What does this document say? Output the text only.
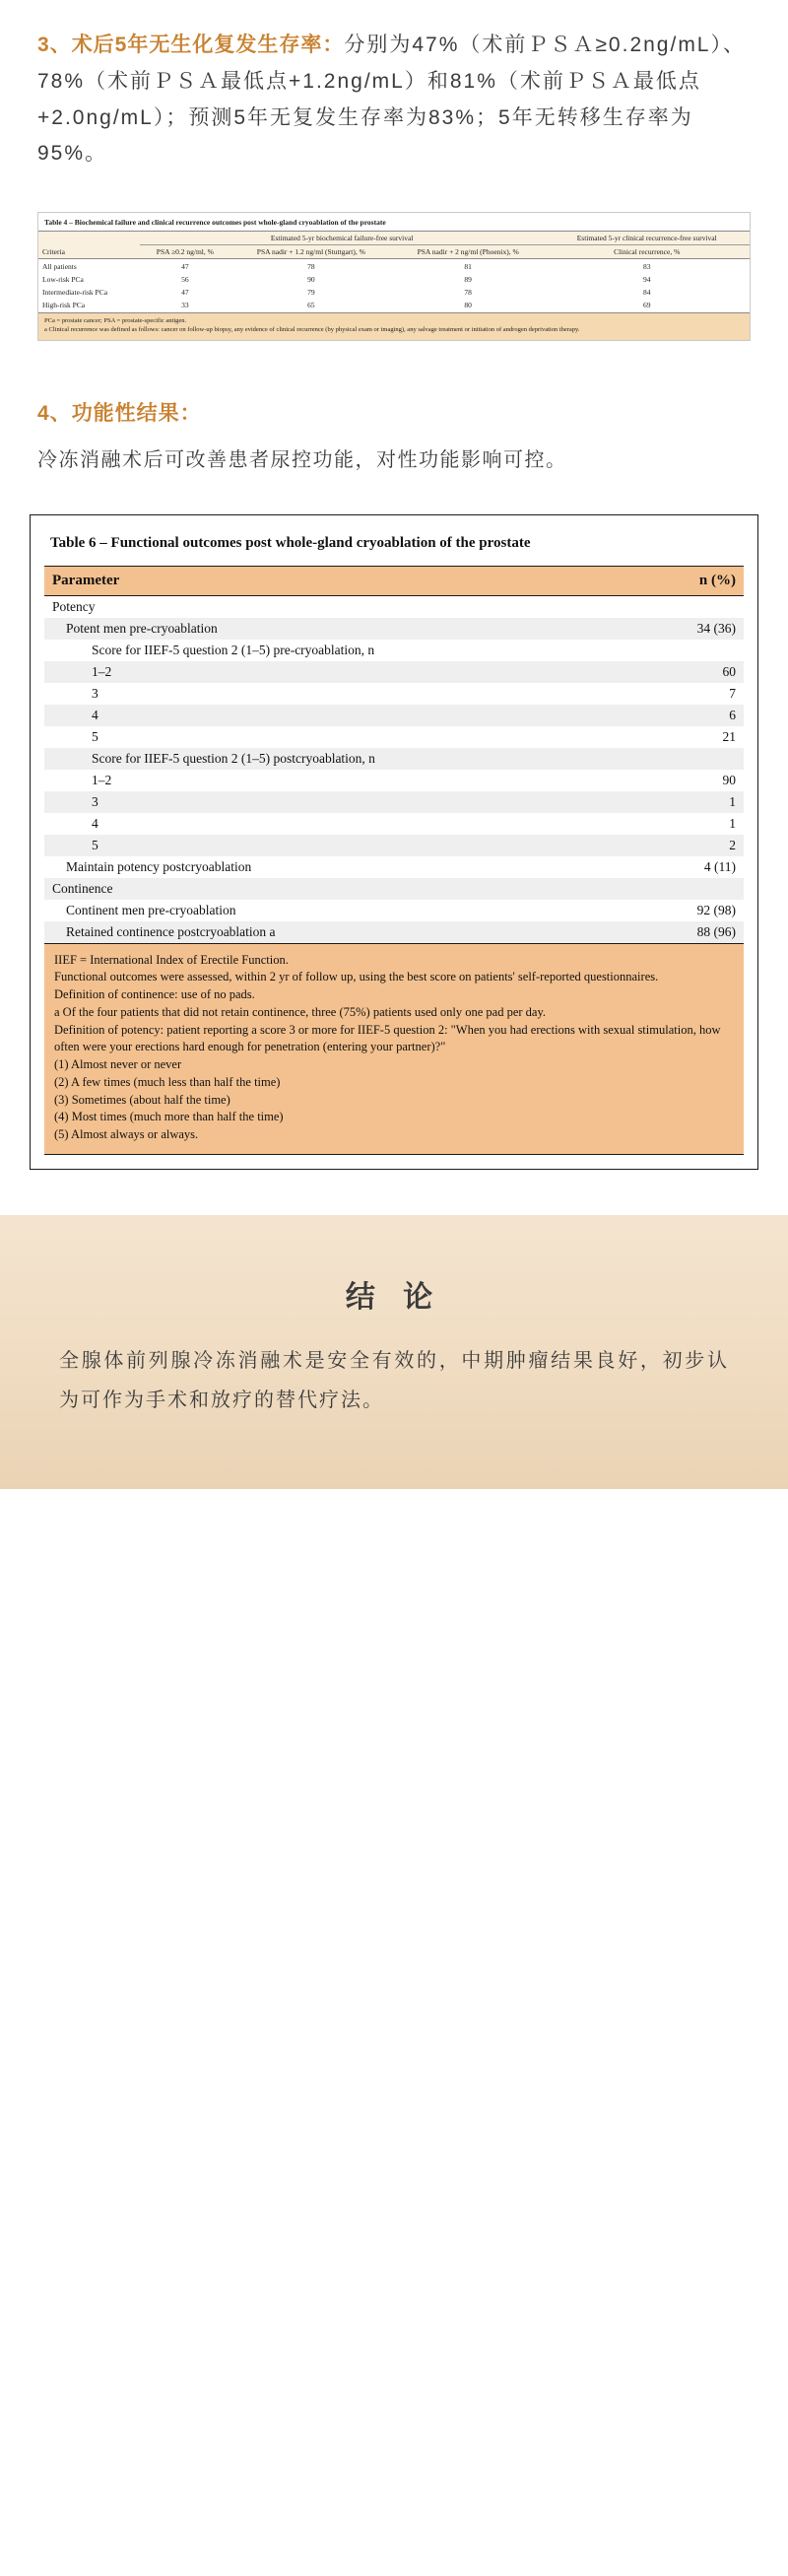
3、术后5年无生化复发生存率：分别为47%（术前ＰＳＡ≥0.2ng/mL）、78%（术前ＰＳＡ最低点+1.2ng/mL）和81%（术前ＰＳＡ最低点+2.0ng/mL）；预测5年无复发生存率为83%；5年无转移生存率为95%。
Table 4 – Biochemical failure and clinical recurrence outcomes post whole-gland cryoablation of the prostate
Criteria	Estimated 5-yr biochemical failure-free survival			Estimated 5-yr clinical recurrence-free survival
	PSA ≥0.2 ng/ml, %	PSA nadir + 1.2 ng/ml (Stuttgart), %	PSA nadir + 2 ng/ml (Phoenix), %	Clinical recurrence, %
All patients	47	78	81	83
Low-risk PCa	56	90	89	94
Intermediate-risk PCa	47	79	78	84
High-risk PCa	33	65	80	69
PCa = prostate cancer; PSA = prostate-specific antigen.
a Clinical recurrence was defined as follows: cancer on follow-up biopsy, any evidence of clinical recurrence (by physical exam or imaging), any salvage treatment or initiation of androgen deprivation therapy.
4、功能性结果：
冷冻消融术后可改善患者尿控功能，对性功能影响可控。
Table 6 – Functional outcomes post whole-gland cryoablation of the prostate
Parameter	n (%)
Potency	
Potent men pre-cryoablation	34 (36)
Score for IIEF-5 question 2 (1–5) pre-cryoablation, n	
1–2	60
3	7
4	6
5	21
Score for IIEF-5 question 2 (1–5) postcryoablation, n	
1–2	90
3	1
4	1
5	2
Maintain potency postcryoablation	4 (11)
Continence	
Continent men pre-cryoablation	92 (98)
Retained continence postcryoablation a	88 (96)
IIEF = International Index of Erectile Function.
Functional outcomes were assessed, within 2 yr of follow up, using the best score on patients' self-reported questionnaires.
Definition of continence: use of no pads.
a Of the four patients that did not retain continence, three (75%) patients used only one pad per day.
Definition of potency: patient reporting a score 3 or more for IIEF-5 question 2: "When you had erections with sexual stimulation, how often were your erections hard enough for penetration (entering your partner)?"
(1) Almost never or never
(2) A few times (much less than half the time)
(3) Sometimes (about half the time)
(4) Most times (much more than half the time)
(5) Almost always or always.
结 论
全腺体前列腺冷冻消融术是安全有效的，中期肿瘤结果良好，初步认为可作为手术和放疗的替代疗法。
